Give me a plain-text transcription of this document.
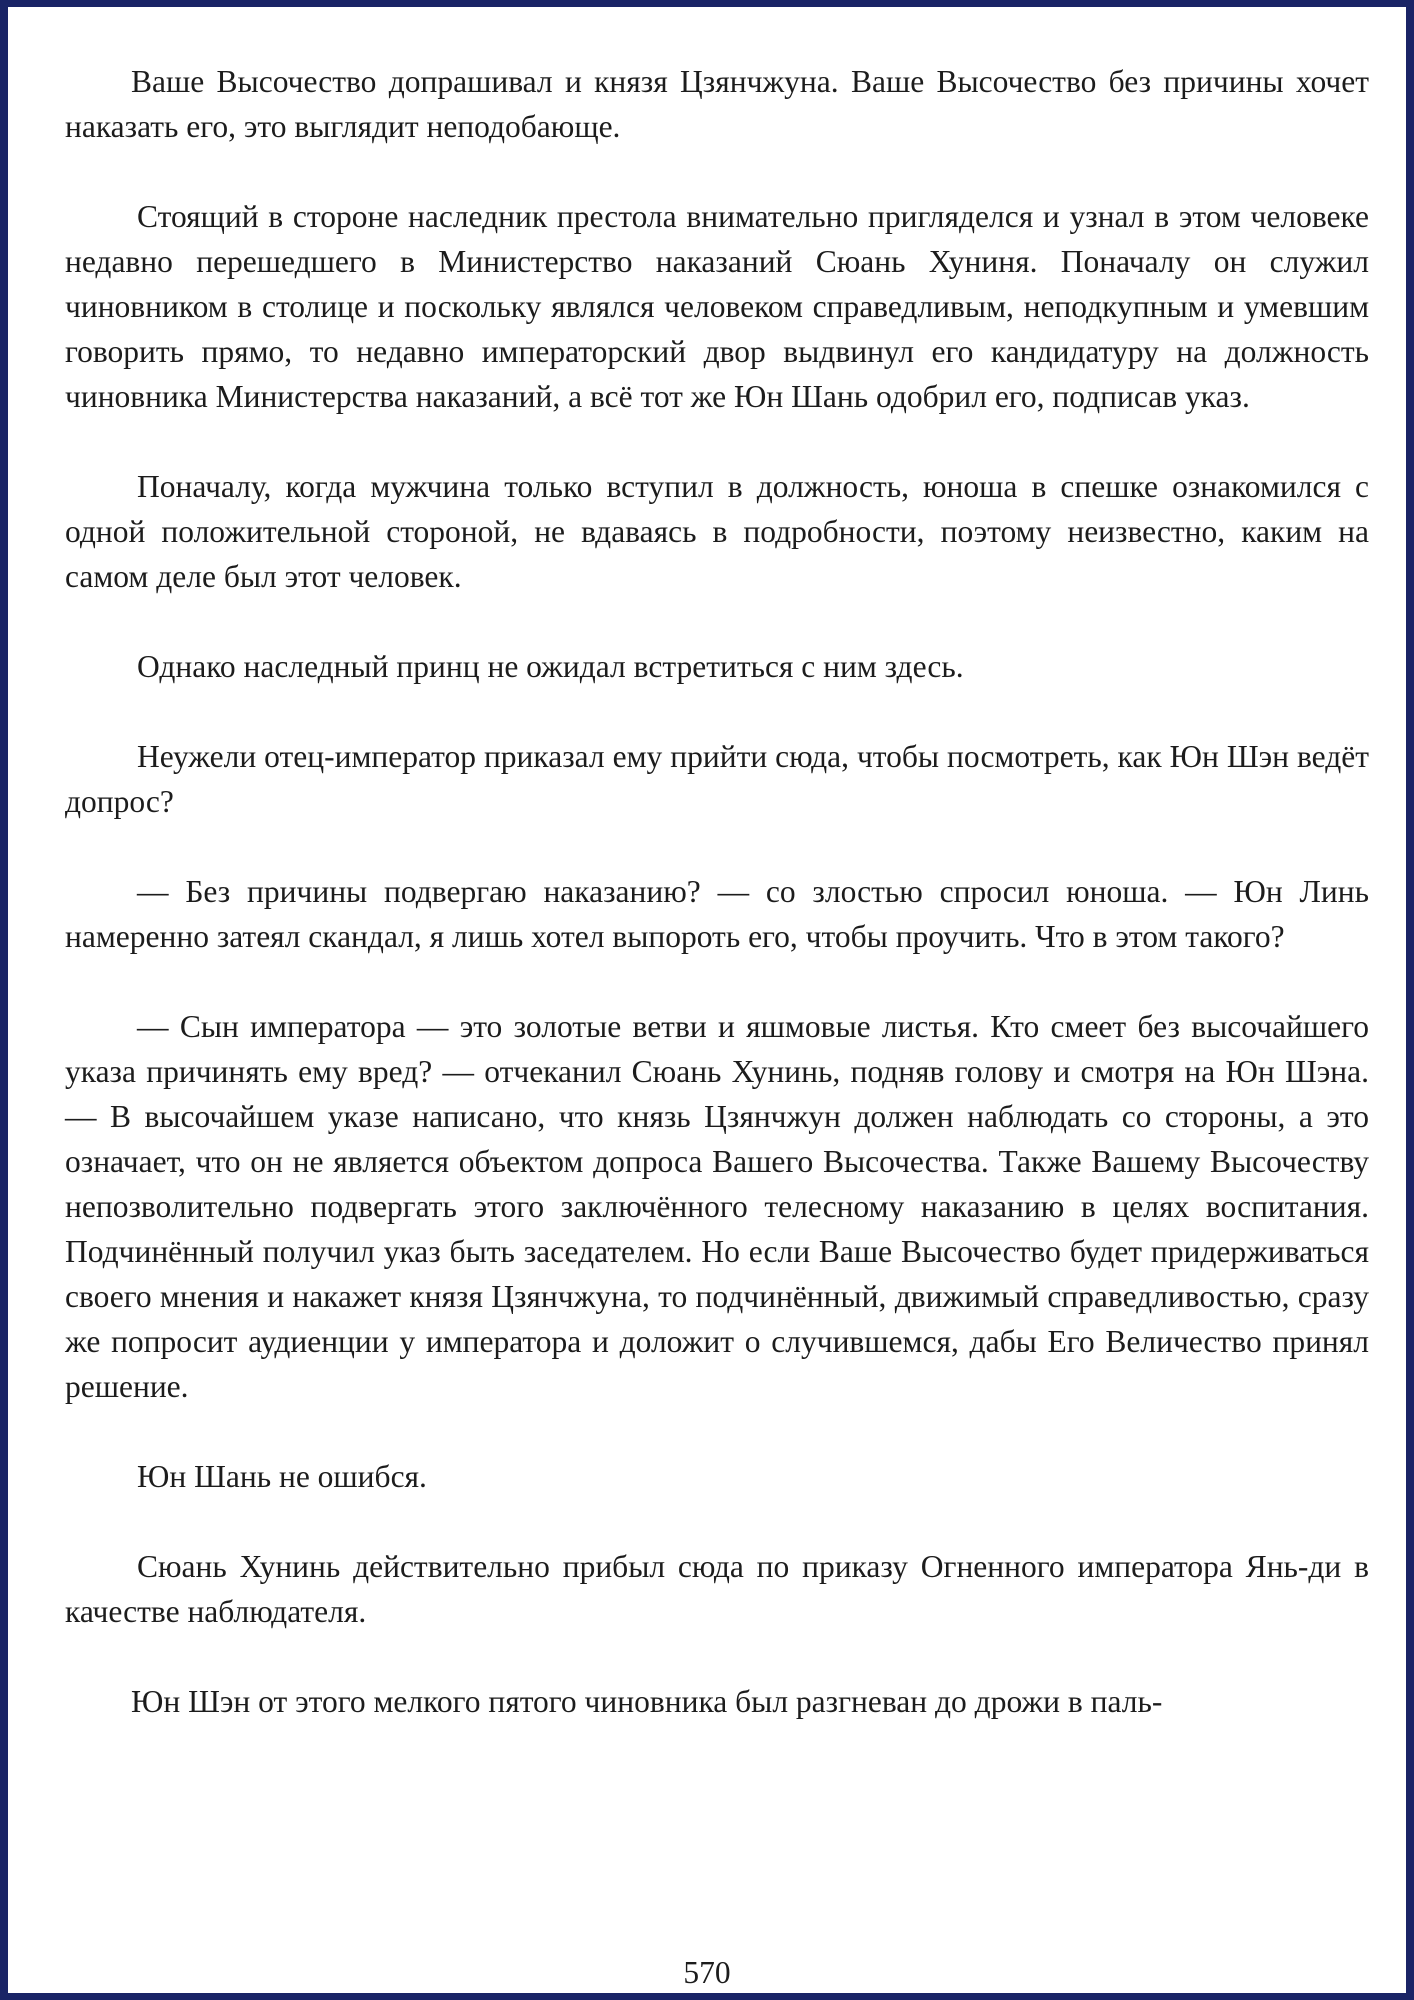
Ваше Высочество допрашивал и князя Цзянчжуна. Ваше Высочество без причины хочет наказать его, это выглядит неподобающе.

Стоящий в стороне наследник престола внимательно пригляделся и узнал в этом человеке недавно перешедшего в Министерство наказаний Сюань Хуниня. Поначалу он служил чиновником в столице и поскольку являлся человеком справедливым, неподкупным и умевшим говорить прямо, то недавно императорский двор выдвинул его кандидатуру на должность чиновника Министерства наказаний, а всё тот же Юн Шань одобрил его, подписав указ.

Поначалу, когда мужчина только вступил в должность, юноша в спешке ознакомился с одной положительной стороной, не вдаваясь в подробности, поэтому неизвестно, каким на самом деле был этот человек.

Однако наследный принц не ожидал встретиться с ним здесь.

Неужели отец-император приказал ему прийти сюда, чтобы посмотреть, как Юн Шэн ведёт допрос?

— Без причины подвергаю наказанию? — со злостью спросил юноша. — Юн Линь намеренно затеял скандал, я лишь хотел выпороть его, чтобы проучить. Что в этом такого?

— Сын императора — это золотые ветви и яшмовые листья. Кто смеет без высочайшего указа причинять ему вред? — отчеканил Сюань Хунинь, подняв голову и смотря на Юн Шэна. — В высочайшем указе написано, что князь Цзянчжун должен наблюдать со стороны, а это означает, что он не является объектом допроса Вашего Высочества. Также Вашему Высочеству непозволительно подвергать этого заключённого телесному наказанию в целях воспитания. Подчинённый получил указ быть заседателем. Но если Ваше Высочество будет придерживаться своего мнения и накажет князя Цзянчжуна, то подчинённый, движимый справедливостью, сразу же попросит аудиенции у императора и доложит о случившемся, дабы Его Величество принял решение.

Юн Шань не ошибся.

Сюань Хунинь действительно прибыл сюда по приказу Огненного императора Янь-ди в качестве наблюдателя.

Юн Шэн от этого мелкого пятого чиновника был разгневан до дрожи в паль-

570
